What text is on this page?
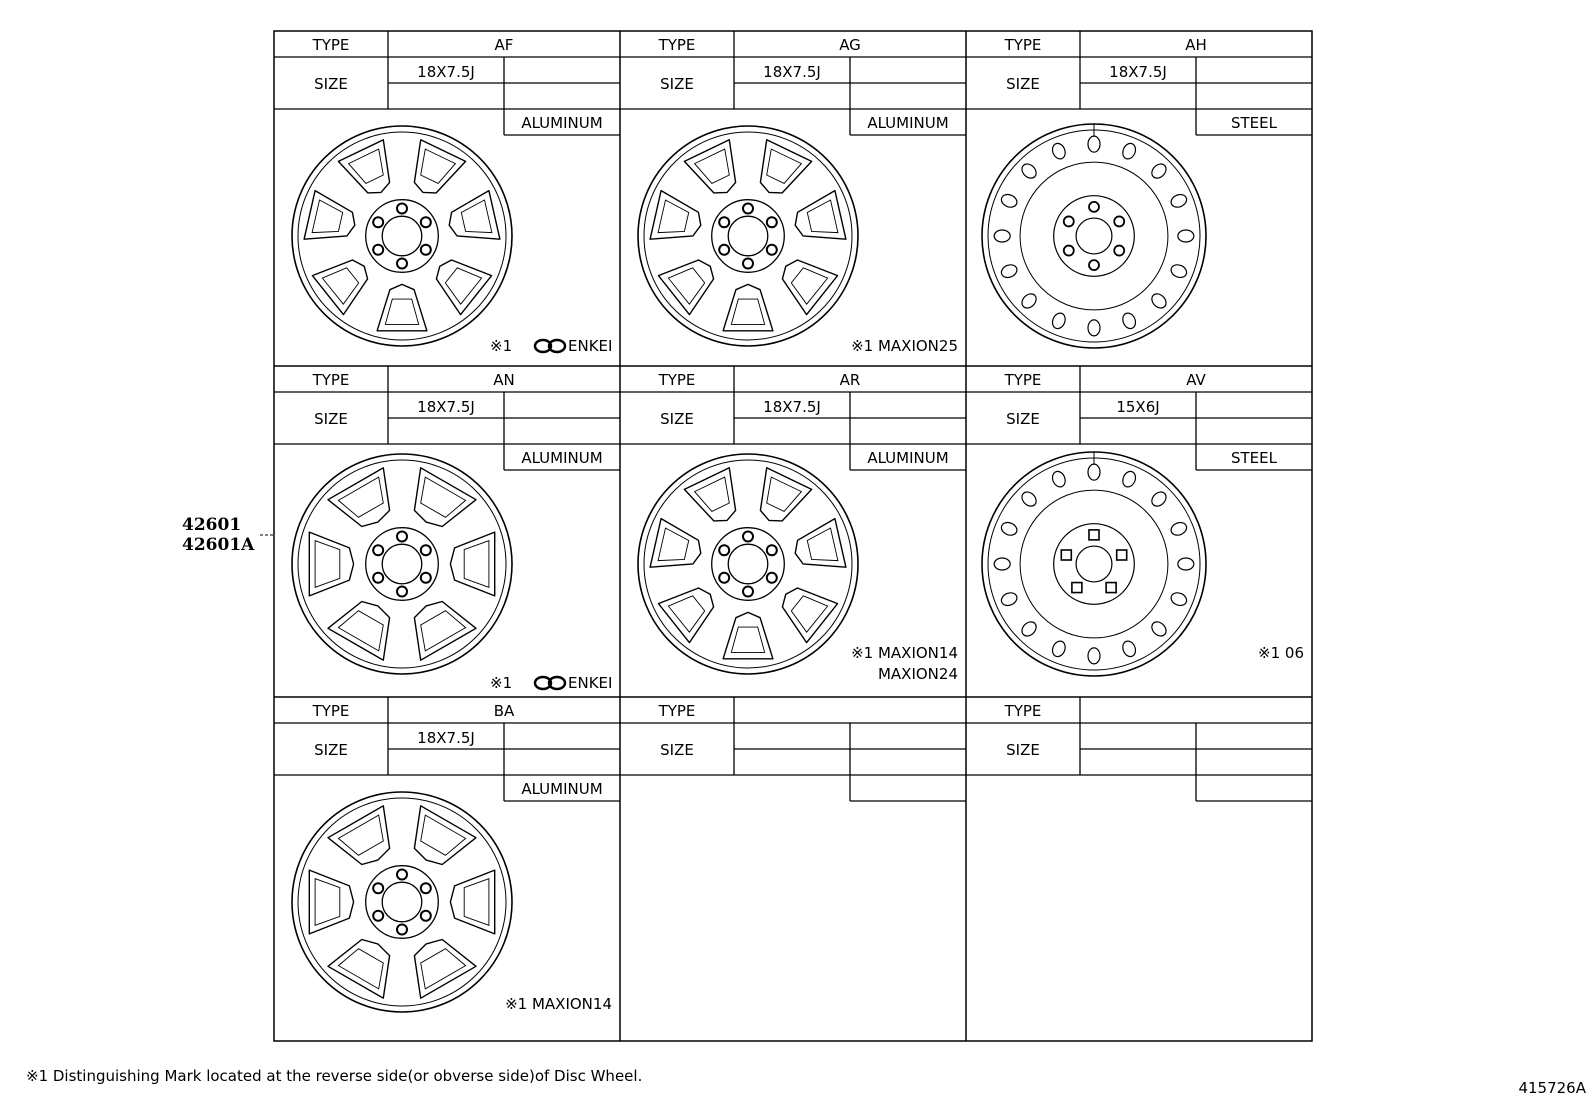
TYPE
SIZE
AF
18X7.5J
ALUMINUM
※1	ENKEI
TYPE
SIZE
AG
18X7.5J
ALUMINUM
※1 MAXION25
TYPE
SIZE
AH
18X7.5J
STEEL
TYPE
SIZE
AN
18X7.5J
ALUMINUM
※1	ENKEI
TYPE
SIZE
AR
18X7.5J
ALUMINUM
※1 MAXION14
MAXION24
TYPE
SIZE
AV
15X6J
STEEL
※1 06
TYPE
SIZE
BA
18X7.5J
ALUMINUM
※1 MAXION14
TYPE
SIZE
TYPE
SIZE
42601
42601A
※1 Distinguishing Mark located at the reverse side(or obverse side)of Disc Wheel.
415726A
